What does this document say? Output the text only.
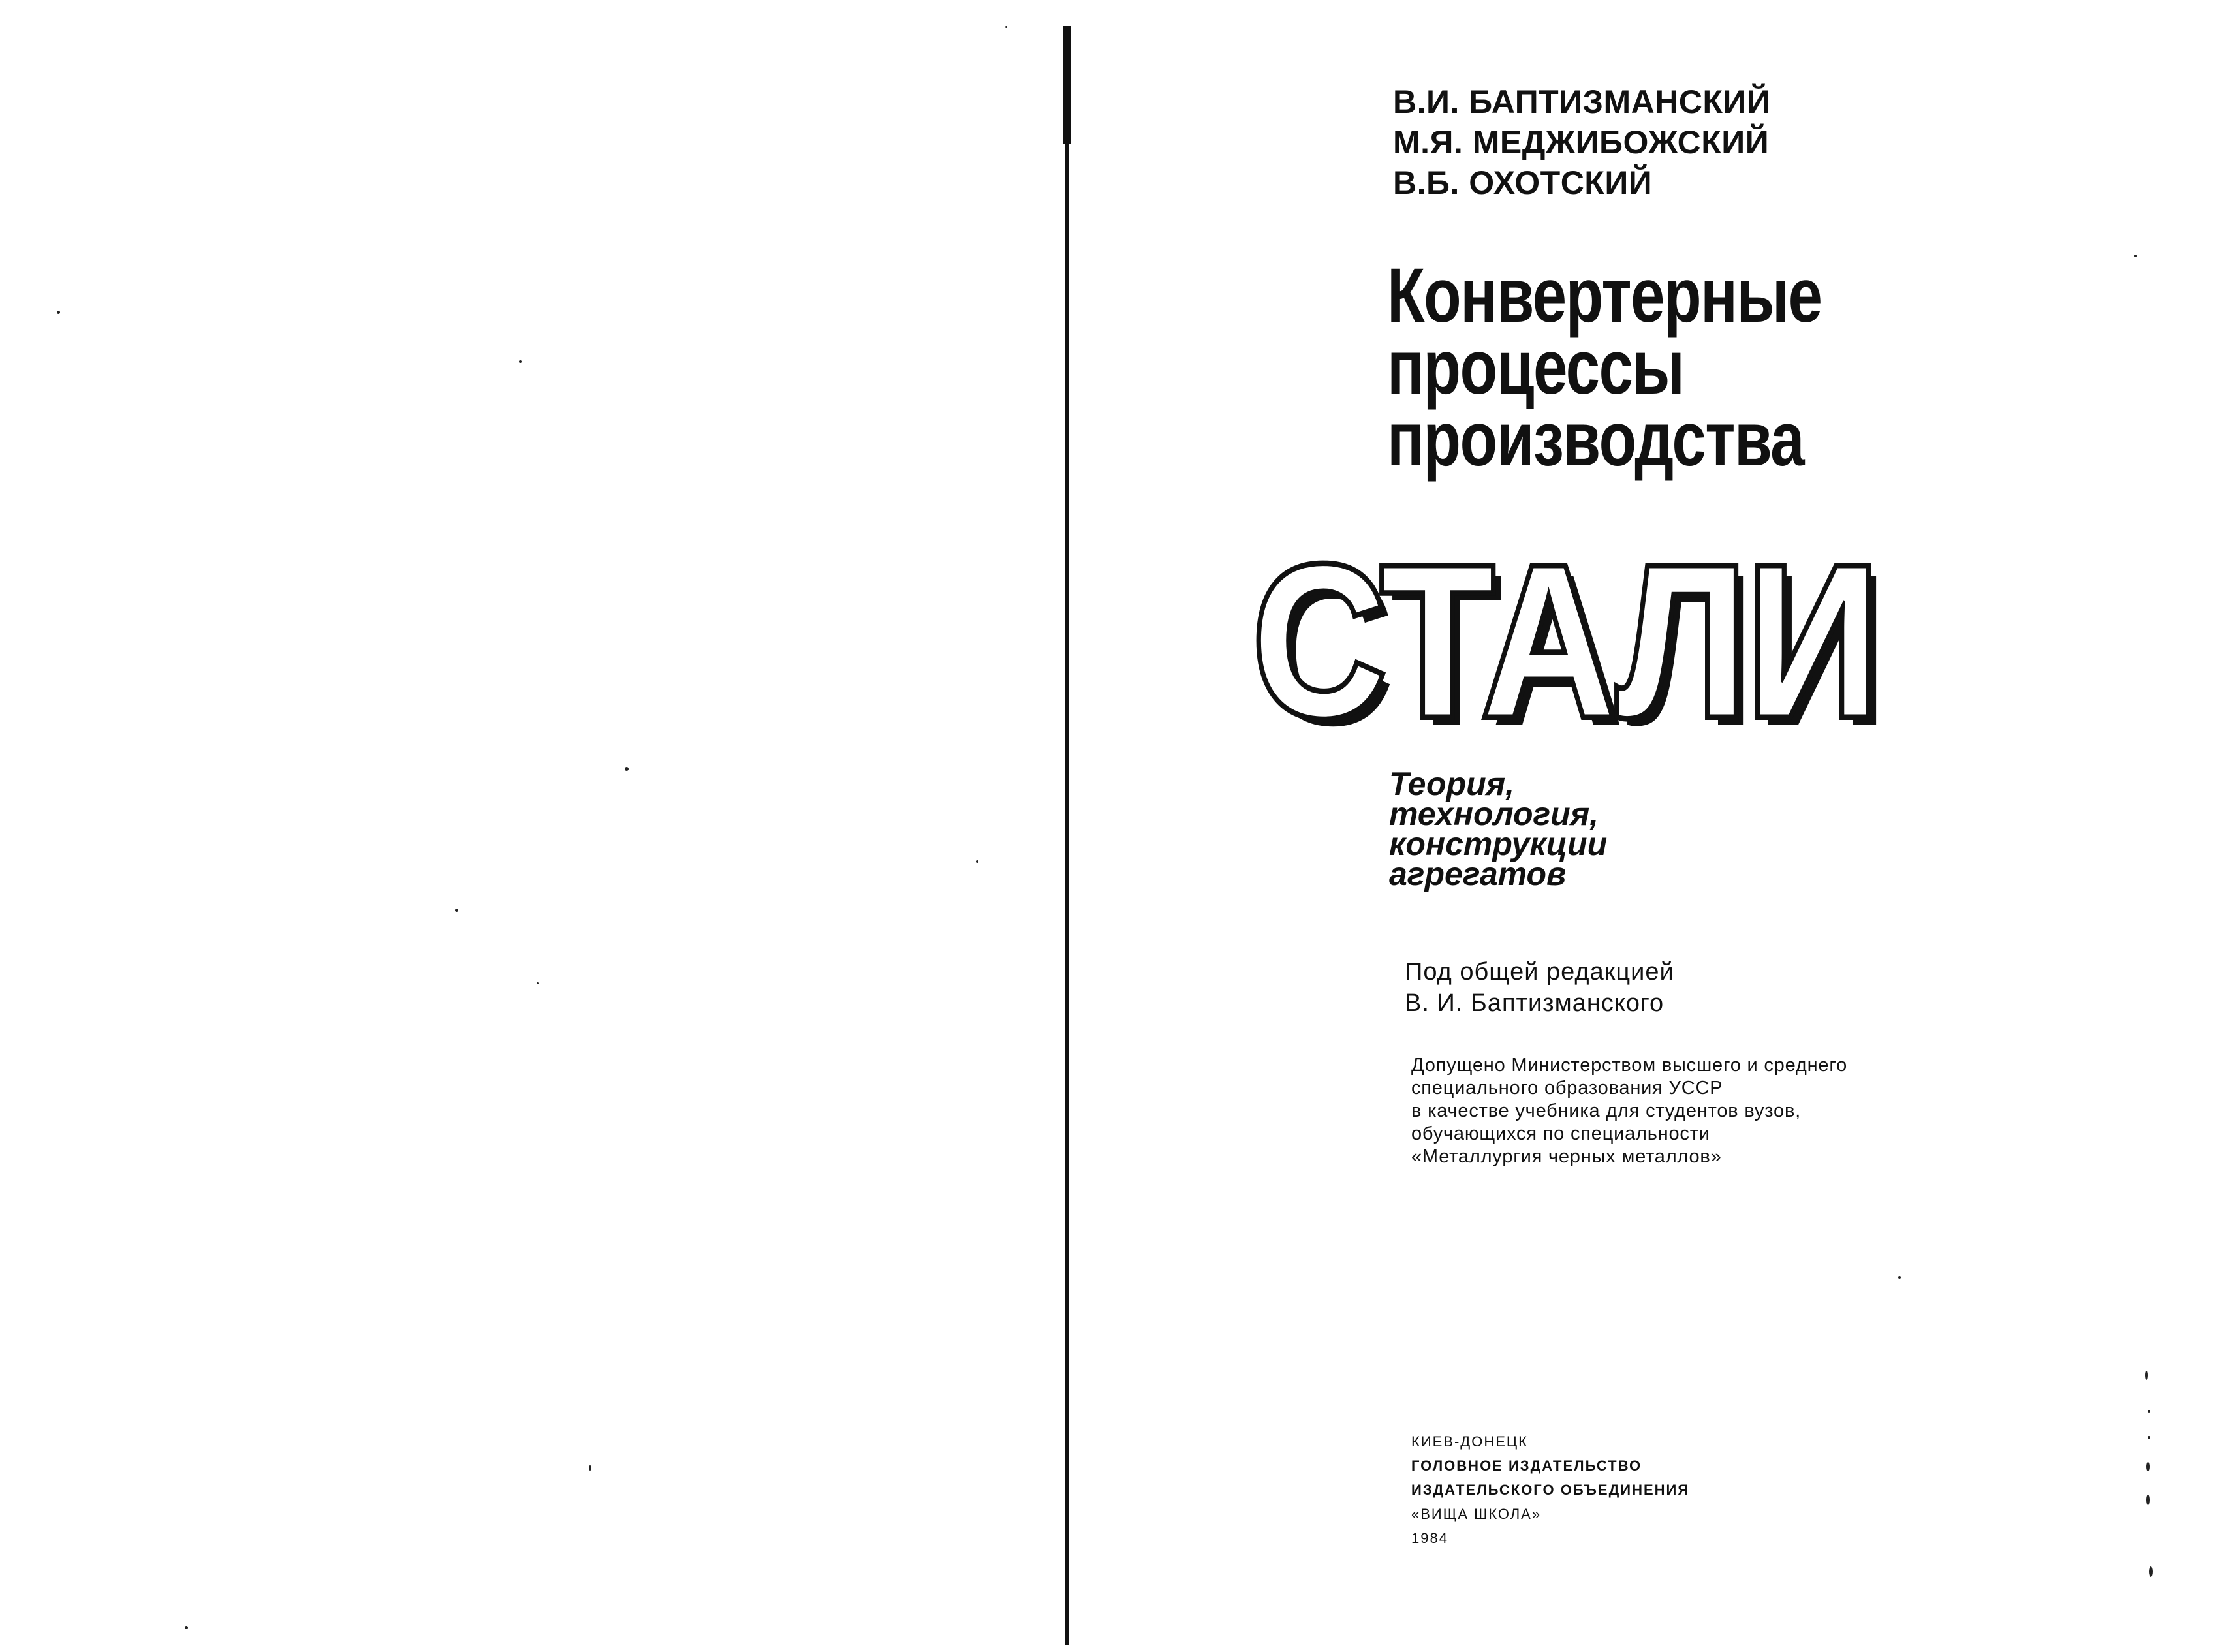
В.И. БАПТИЗМАНСКИЙ
М.Я. МЕДЖИБОЖСКИЙ
В.Б. ОХОТСКИЙ
Конвертерные
процессы
производства
СТАЛИ
СТАЛИ
СТАЛИ
Теория,
технология,
конструкции
агрегатов
Под общей редакцией
В. И. Баптизманского
Допущено Министерством высшего и среднего
специального образования УССР
в качестве учебника для студентов вузов,
обучающихся по специальности
«Металлургия черных металлов»
КИЕВ-ДОНЕЦК
ГОЛОВНОЕ ИЗДАТЕЛЬСТВО
ИЗДАТЕЛЬСКОГО ОБЪЕДИНЕНИЯ
«ВИЩА ШКОЛА»
1984
